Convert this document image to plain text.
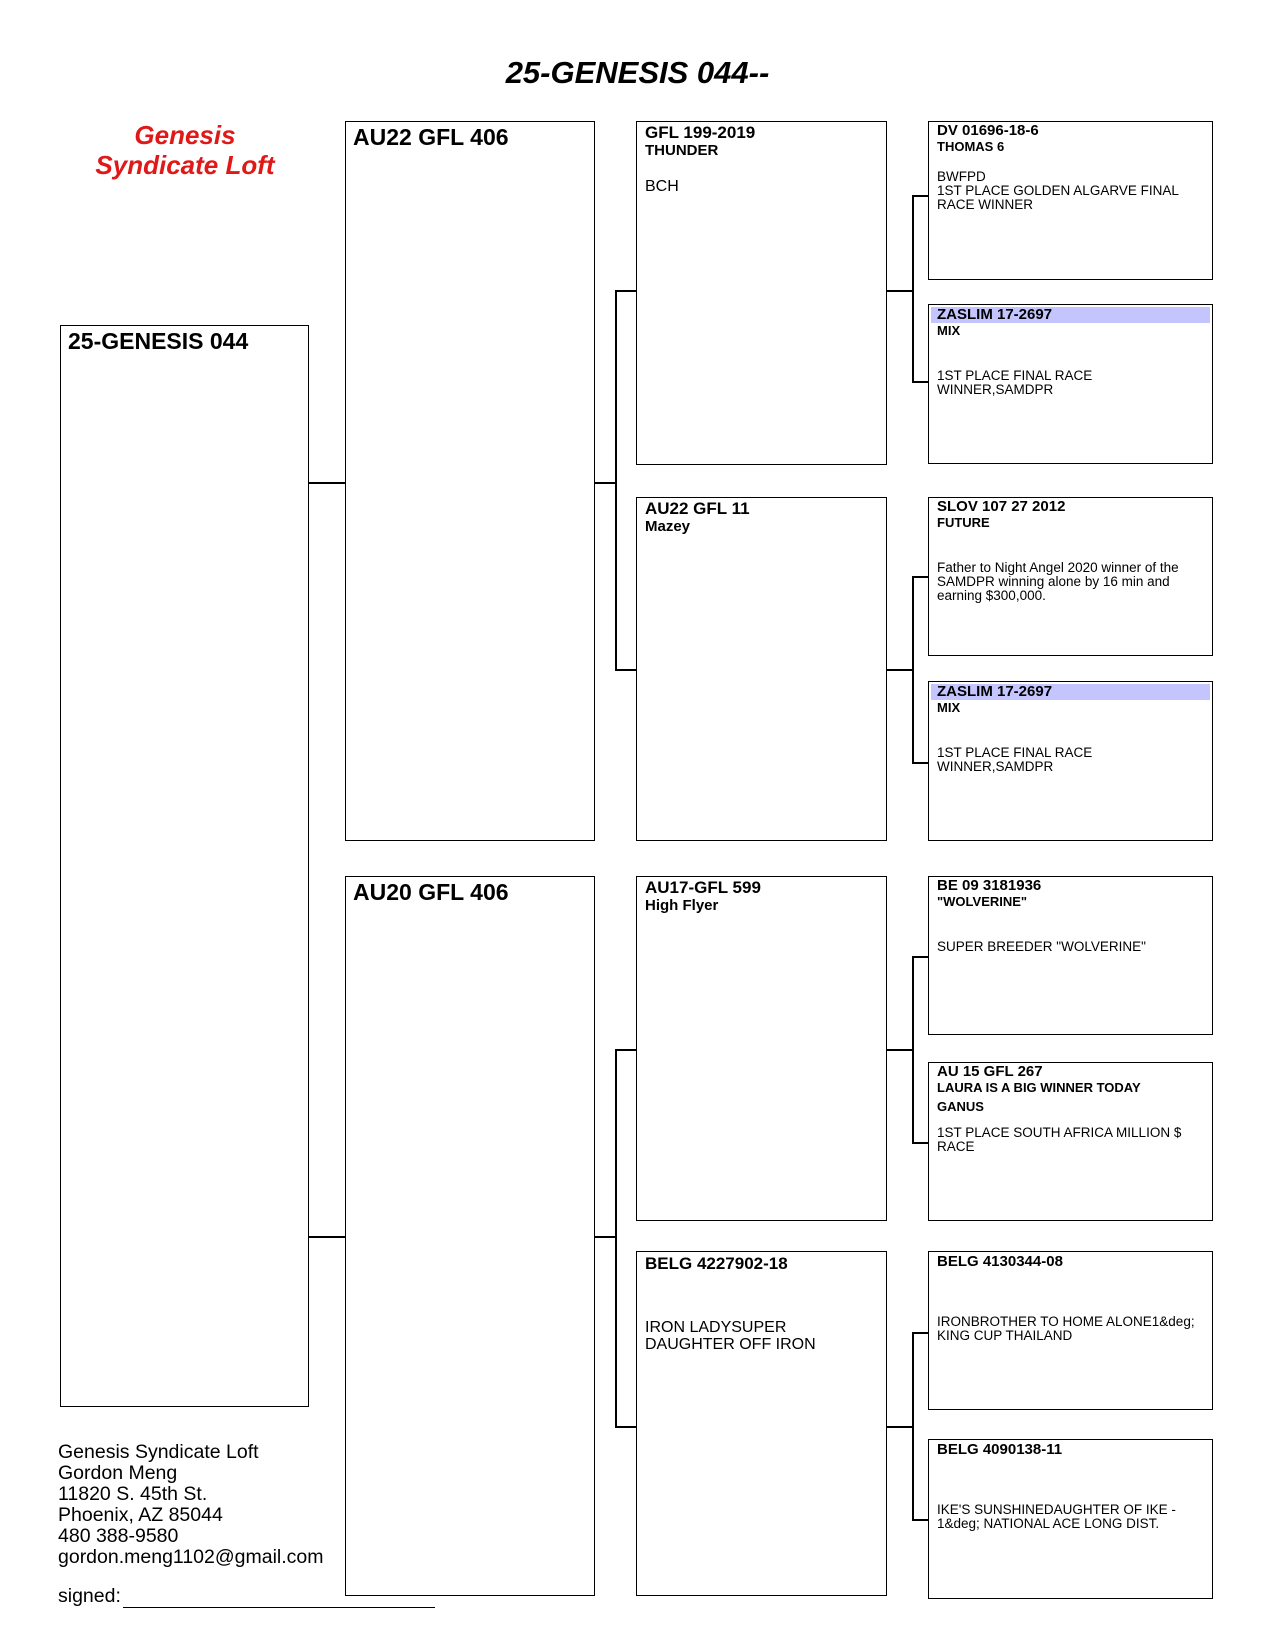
25-GENESIS 044--
Genesis
Syndicate Loft
25-GENESIS 044
AU22 GFL 406
AU20 GFL 406
GFL 199-2019
THUNDER
BCH
AU22 GFL 11
Mazey
AU17-GFL 599
High Flyer
BELG 4227902-18
IRON LADYSUPER
DAUGHTER OFF IRON
DV 01696-18-6
THOMAS 6
BWFPD
1ST PLACE GOLDEN ALGARVE FINAL RACE WINNER
ZASLIM 17-2697
MIX
1ST PLACE FINAL RACE
WINNER,SAMDPR
SLOV 107 27 2012
FUTURE
Father to Night Angel 2020 winner of the SAMDPR winning alone by 16 min and earning $300,000.
ZASLIM 17-2697
MIX
1ST PLACE FINAL RACE
WINNER,SAMDPR
BE 09 3181936
"WOLVERINE"
SUPER BREEDER "WOLVERINE"
AU 15 GFL 267
LAURA IS A BIG WINNER TODAY
GANUS
1ST PLACE SOUTH AFRICA MILLION $ RACE
BELG 4130344-08
IRONBROTHER TO HOME ALONE1&deg; KING CUP THAILAND
BELG 4090138-11
IKE'S SUNSHINEDAUGHTER OF IKE - 1&deg; NATIONAL ACE LONG DIST.
Genesis Syndicate Loft
Gordon Meng
11820 S. 45th St.
Phoenix, AZ 85044
480 388-9580
gordon.meng1102@gmail.com
signed:
